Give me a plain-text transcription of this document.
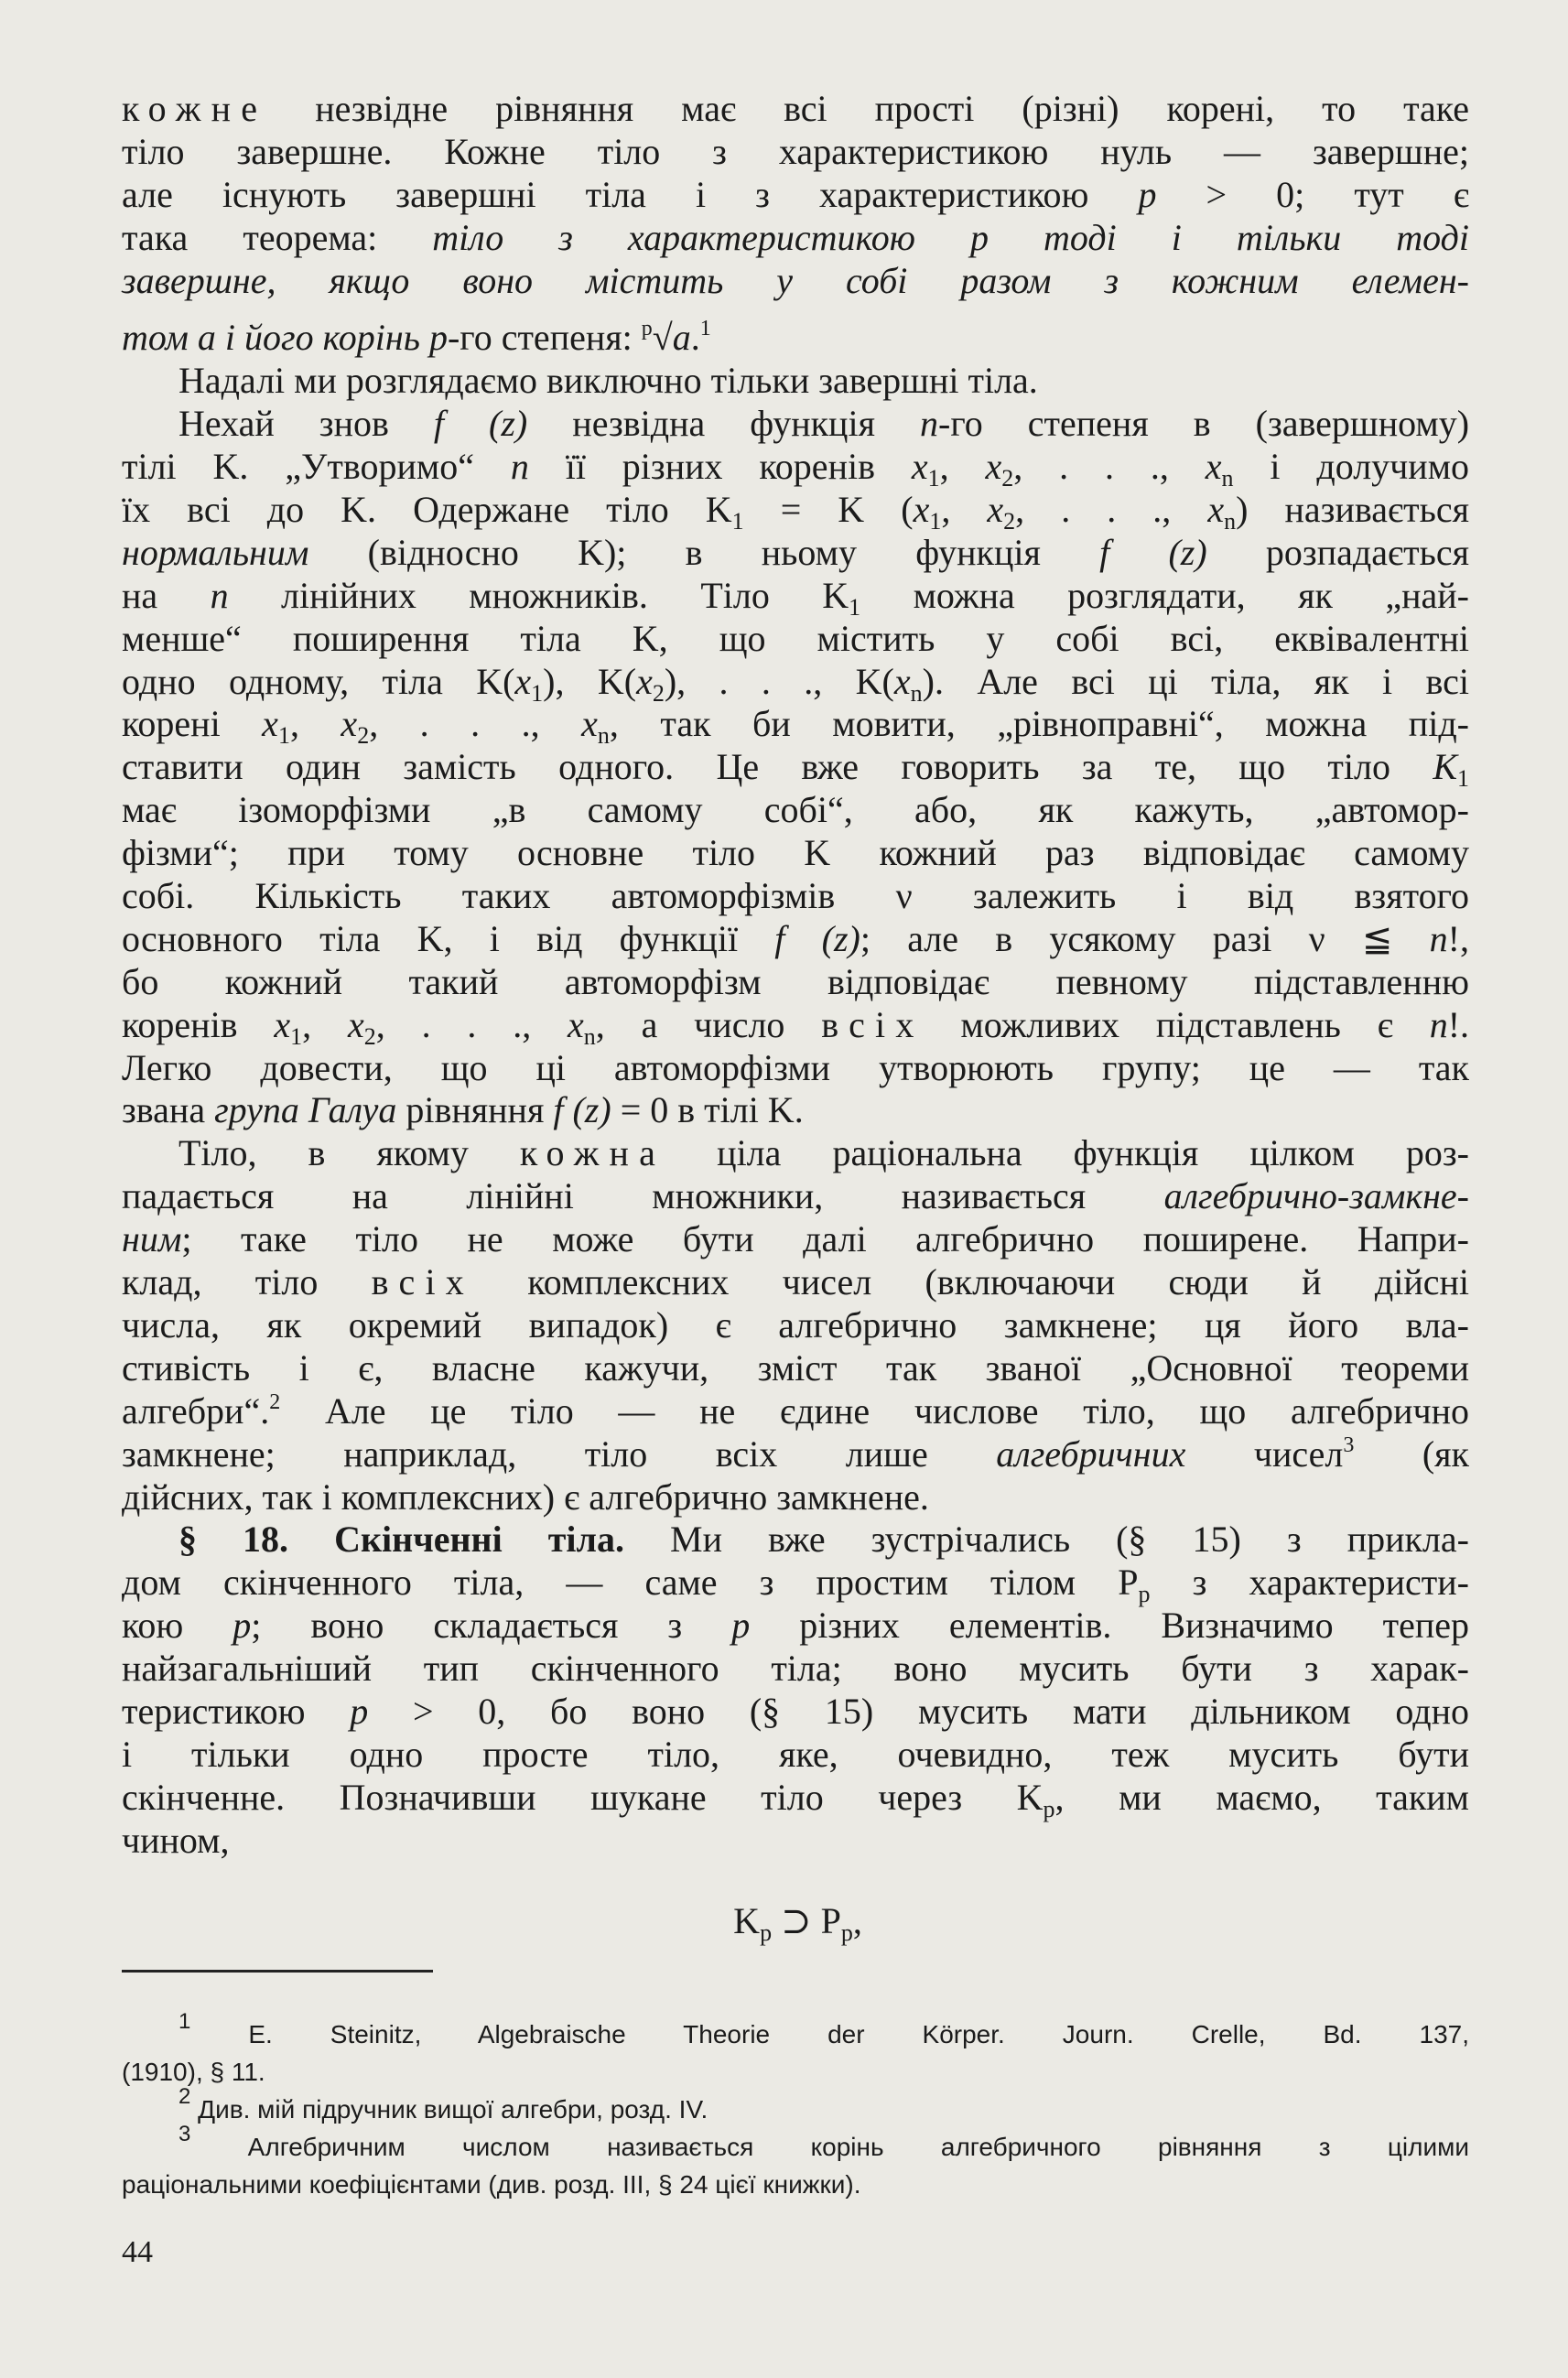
кожне незвідне рівняння має всі прості (різні) корені, то таке
тіло завершне. Кожне тіло з характеристикою нуль — завершне;
але існують завершні тіла і з характеристикою p > 0; тут є
така теорема: тіло з характеристикою p тоді і тільки тоді
завершне, якщо воно містить у собі разом з кожним елемен-
том a і його корінь p-го степеня: $^p$√a.$^1$
Надалі ми розглядаємо виключно тільки завершні тіла.
Нехай знов f (z) незвідна функція n-го степеня в (завершному)
тілі K. „Утворимо“ n її різних коренів $x_1$, $x_2$, . . ., $x_n$ і долучимо
їх всі до K. Одержане тіло $K_1 = K$ ($x_1$, $x_2$, . . ., $x_n$) називається
нормальним (відносно K); в ньому функція f (z) розпадається
на n лінійних множників. Тіло $K_1$ можна розглядати, як „най-
менше“ поширення тіла K, що містить у собі всі, еквівалентні
одно одному, тіла $K(x_1)$, $K(x_2)$, . . ., $K(x_n)$. Але всі ці тіла, як і всі
корені $x_1$, $x_2$, . . ., $x_n$, так би мовити, „рівноправні“, можна під-
ставити один замість одного. Це вже говорить за те, що тіло $K_1$
має ізоморфізми „в самому собі“, або, як кажуть, „автомор-
фізми“; при тому основне тіло K кожний раз відповідає самому
собі. Кількість таких автоморфізмів ν залежить і від взятого
основного тіла K, і від функції f (z); але в усякому разі ν ≦ n!,
бо кожний такий автоморфізм відповідає певному підставленню
коренів $x_1$, $x_2$, . . ., $x_n$, а число всіх можливих підставлень є n!.
Легко довести, що ці автоморфізми утворюють групу; це — так
звана група Галуа рівняння f (z) = 0 в тілі K.
Тіло, в якому кожна ціла раціональна функція цілком роз-
падається на лінійні множники, називається алгебрично-замкне-
ним; таке тіло не може бути далі алгебрично поширене. Напри-
клад, тіло всіх комплексних чисел (включаючи сюди й дійсні
числа, як окремий випадок) є алгебрично замкнене; ця його вла-
стивість і є, власне кажучи, зміст так званої „Основної теореми
алгебри“.$^2$ Але це тіло — не єдине числове тіло, що алгебрично
замкнене; наприклад, тіло всіх лише алгебричних чисел$^3$ (як
дійсних, так і комплексних) є алгебрично замкнене.
§ 18. Скінченні тіла. Ми вже зустрічались (§ 15) з прикла-
дом скінченного тіла, — саме з простим тілом $P_p$ з характеристи-
кою p; воно складається з p різних елементів. Визначимо тепер
найзагальніший тип скінченного тіла; воно мусить бути з харак-
теристикою p > 0, бо воно (§ 15) мусить мати дільником одно
і тільки одно просте тіло, яке, очевидно, теж мусить бути
скінченне. Позначивши шукане тіло через $K_p$, ми маємо, таким
чином,
$K_p$ ⊃ $P_p$,
1 E. Steinitz, Algebraische Theorie der Körper. Journ. Crelle, Bd. 137,
(1910), § 11.
2 Див. мій підручник вищої алгебри, розд. IV.
3 Алгебричним числом називається корінь алгебричного рівняння з цілими
раціональними коефіцієнтами (див. розд. III, § 24 цієї книжки).
44
